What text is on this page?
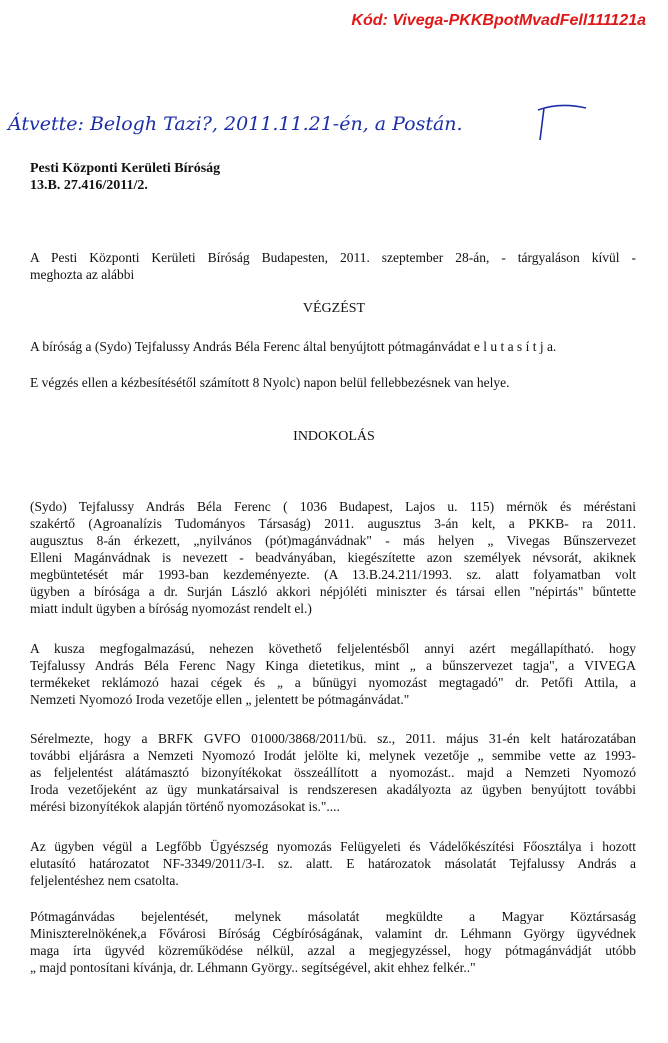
Kód: Vivega-PKKBpotMvadFell111121a
Átvette: Belogh Tazi?, 2011.11.21-én, a Postán.
Pesti Központi Kerületi Bíróság
13.B. 27.416/2011/2.
A Pesti Központi Kerületi Bíróság Budapesten, 2011. szeptember 28-án, - tárgyaláson kívül -
meghozta az alábbi
VÉGZÉST
A bíróság a (Sydo) Tejfalussy András Béla Ferenc által benyújtott pótmagánvádat e l u t a s í t j a.
E végzés ellen a kézbesítésétől számított 8 Nyolc) napon belül fellebbezésnek van helye.
INDOKOLÁS
(Sydo) Tejfalussy András Béla Ferenc ( 1036 Budapest, Lajos u. 115) mérnök és méréstani
szakértő (Agroanalízis Tudományos Társaság) 2011. augusztus 3-án kelt, a PKKB- ra 2011.
augusztus 8-án érkezett, „nyilvános (pót)magánvádnak" - más helyen „ Vivegas Bűnszervezet
Elleni Magánvádnak is nevezett - beadványában, kiegészítette azon személyek névsorát, akiknek
megbüntetését már 1993-ban kezdeményezte. (A 13.B.24.211/1993. sz. alatt folyamatban volt
ügyben a bírósága a dr. Surján László akkori népjóléti miniszter és társai ellen "népirtás" bűntette
miatt indult ügyben a bíróság nyomozást rendelt el.)
A kusza megfogalmazású, nehezen követhető feljelentésből annyi azért megállapítható. hogy
Tejfalussy András Béla Ferenc Nagy Kinga dietetikus, mint „ a bűnszervezet tagja", a VIVEGA
termékeket reklámozó hazai cégek és „ a bűnügyi nyomozást megtagadó" dr. Petőfi Attila, a
Nemzeti Nyomozó Iroda vezetője ellen „ jelentett be pótmagánvádat."
Sérelmezte, hogy a BRFK GVFO 01000/3868/2011/bü. sz., 2011. május 31-én kelt határozatában
további eljárásra a Nemzeti Nyomozó Irodát jelölte ki, melynek vezetője „ semmibe vette az 1993-
as feljelentést alátámasztó bizonyítékokat összeállított a nyomozást.. majd a Nemzeti Nyomozó
Iroda vezetőjeként az ügy munkatársaival is rendszeresen akadályozta az ügyben benyújtott további
mérési bizonyítékok alapján történő nyomozásokat is."....
Az ügyben végül a Legfőbb Ügyészség nyomozás Felügyeleti és Vádelőkészítési Főosztálya i hozott
elutasító határozatot NF-3349/2011/3-I. sz. alatt. E határozatok másolatát Tejfalussy András a
feljelentéshez nem csatolta.
Pótmagánvádas bejelentését, melynek másolatát megküldte a Magyar Köztársaság
Miniszterelnökének,a Fővárosi Bíróság Cégbíróságának, valamint dr. Léhmann György ügyvédnek
maga írta ügyvéd közreműködése nélkül, azzal a megjegyzéssel, hogy pótmagánvádját utóbb
„ majd pontosítani kívánja, dr. Léhmann György.. segítségével, akit ehhez felkér.."
